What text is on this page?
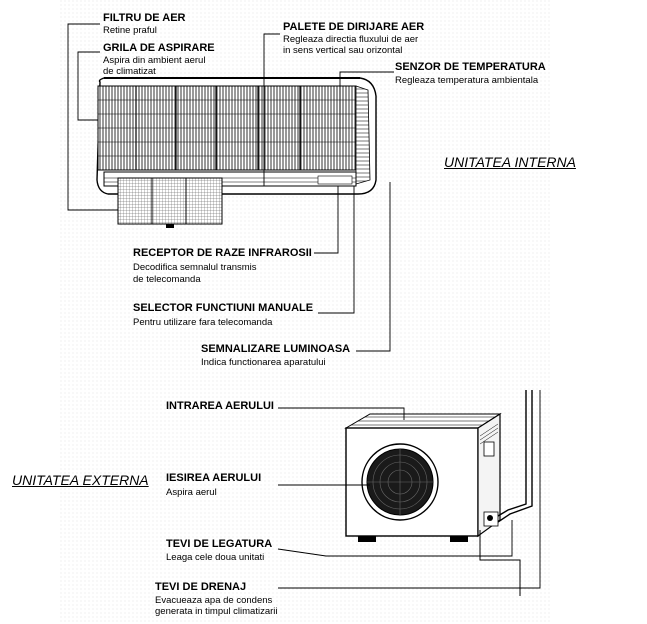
UNITATEA INTERNA
UNITATEA EXTERNA
FILTRU DE AER
Retine praful
GRILA DE ASPIRARE
Aspira din ambient aerul
de climatizat
PALETE DE DIRIJARE AER
Regleaza directia fluxului de aer
in sens vertical sau orizontal
SENZOR DE TEMPERATURA
Regleaza temperatura ambientala
RECEPTOR DE RAZE INFRAROSII
Decodifica semnalul transmis
de telecomanda
SELECTOR FUNCTIUNI MANUALE
Pentru utilizare fara telecomanda
SEMNALIZARE LUMINOASA
Indica functionarea aparatului
INTRAREA AERULUI
IESIREA AERULUI
Aspira aerul
TEVI DE LEGATURA
Leaga cele doua unitati
TEVI DE DRENAJ
Evacueaza apa de condens
generata in timpul climatizarii
